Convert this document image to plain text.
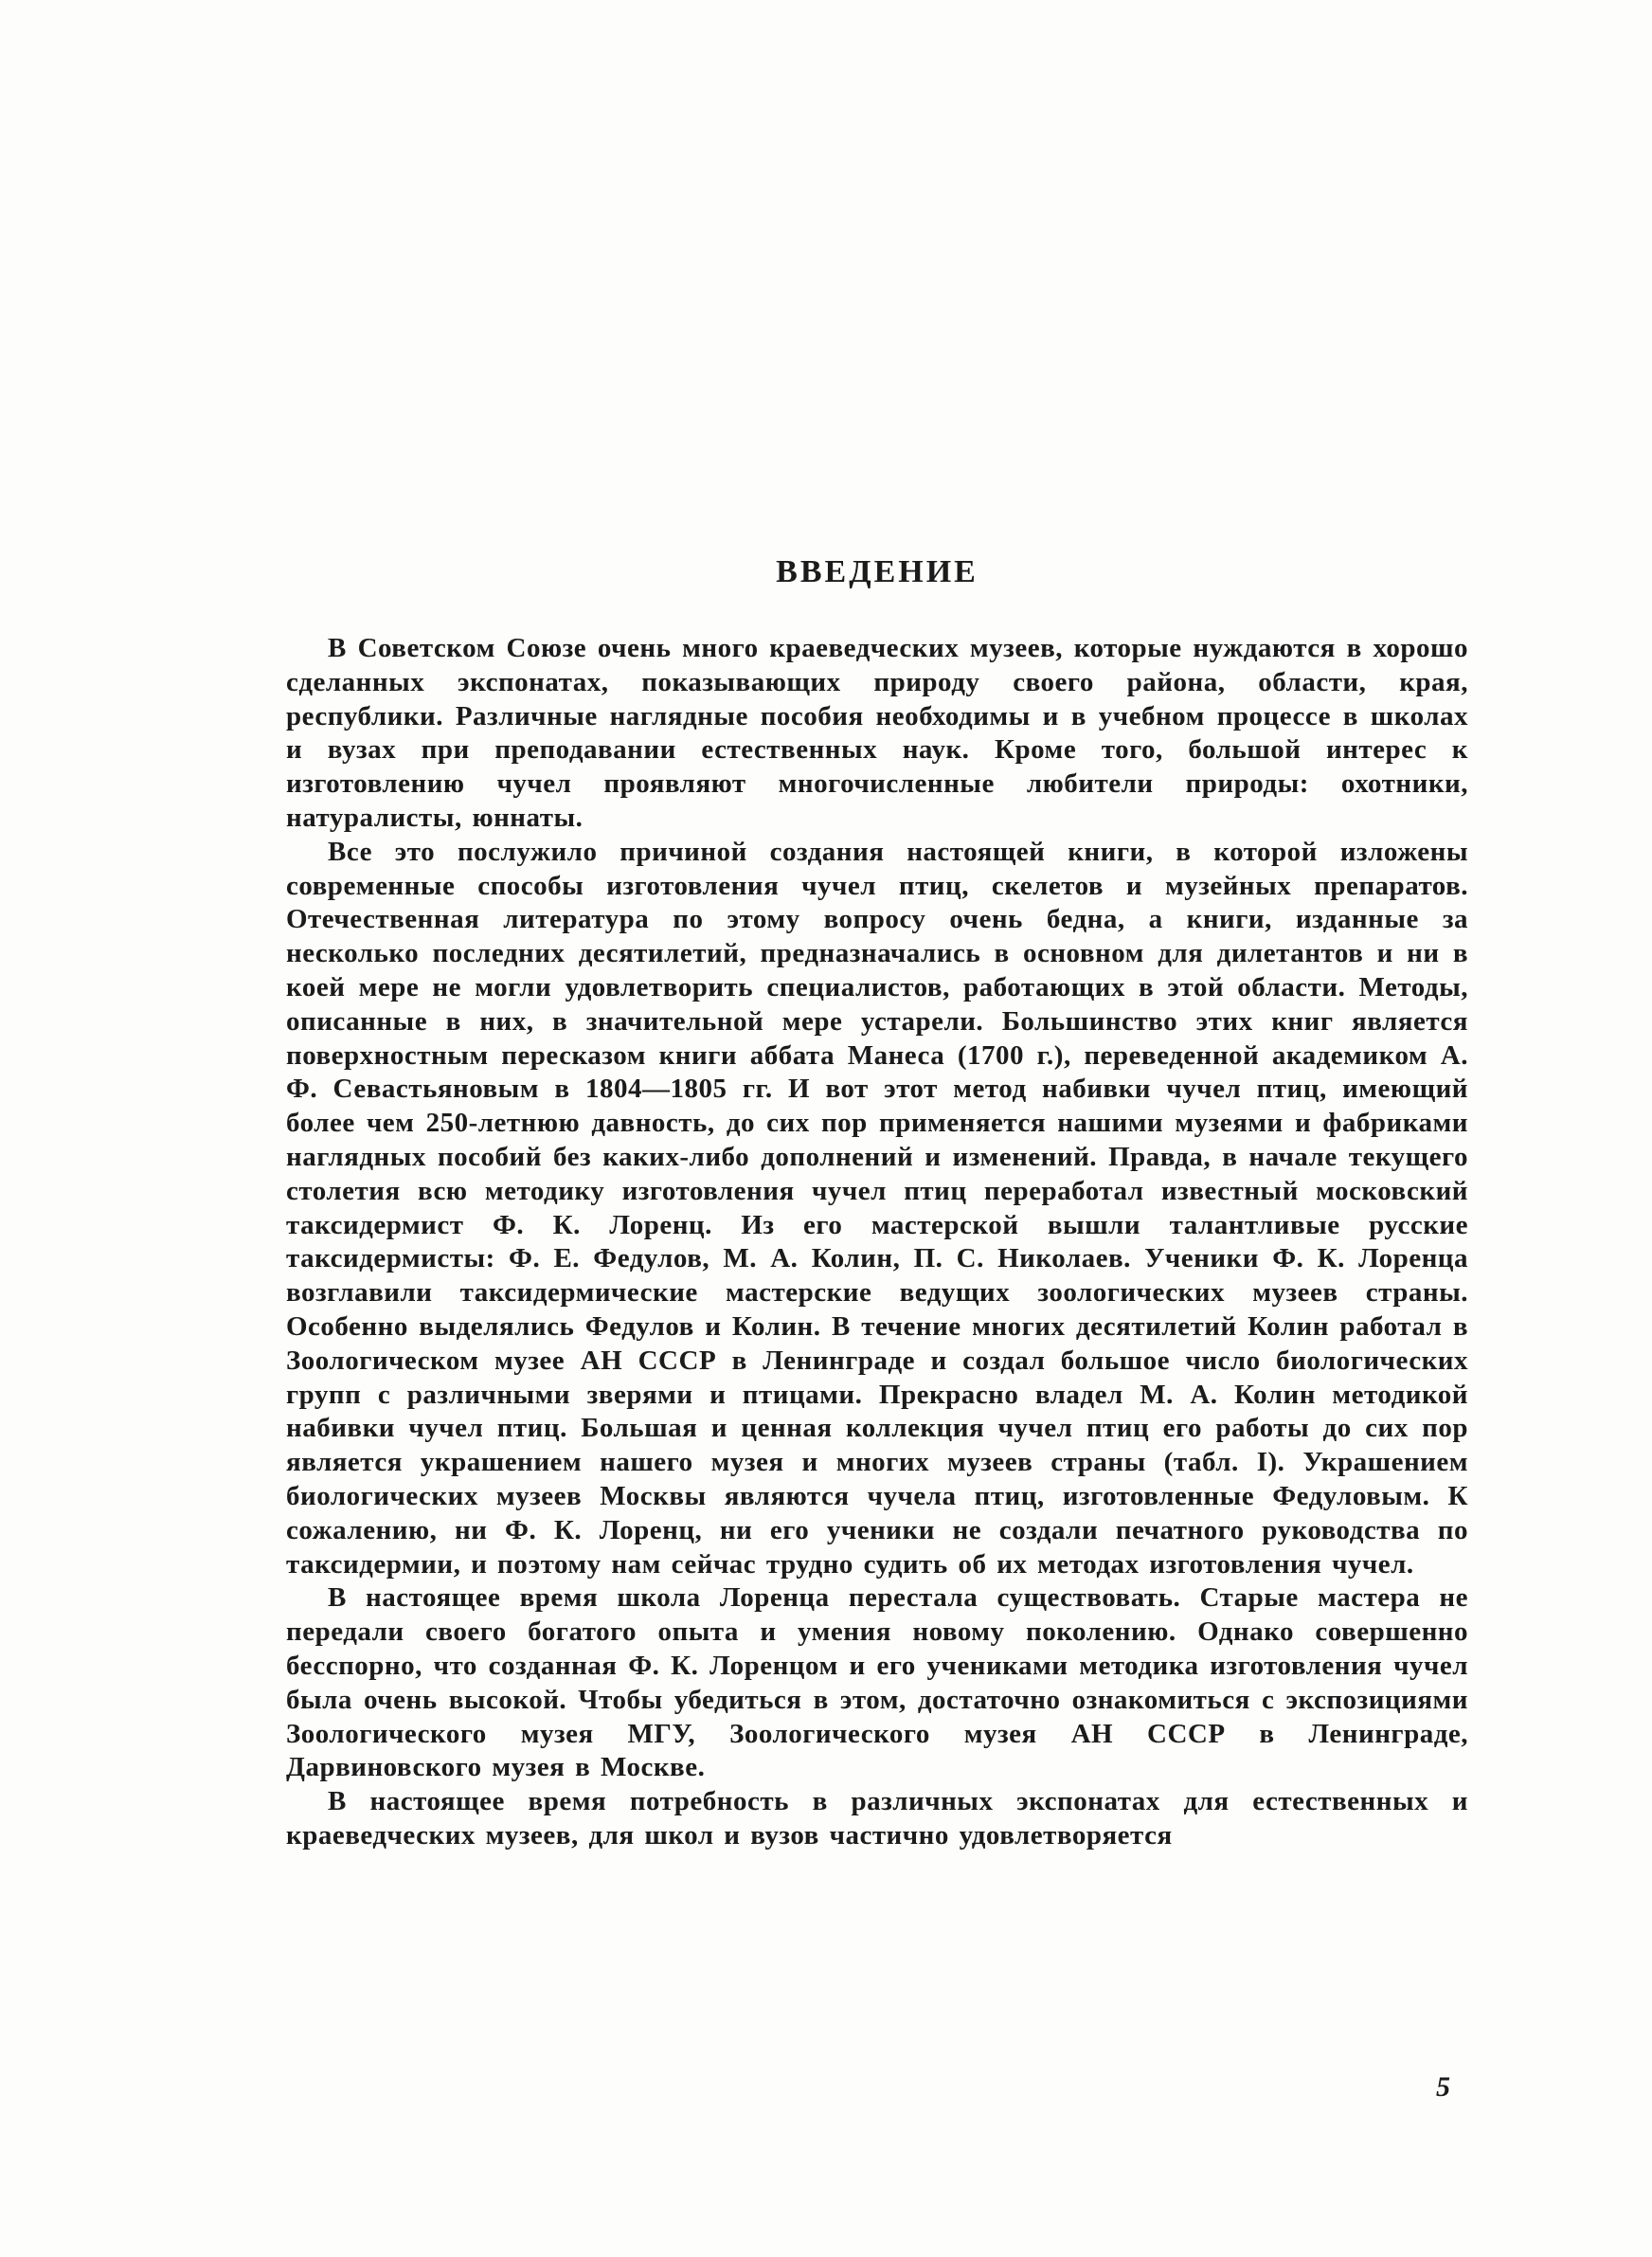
ВВЕДЕНИЕ

В Советском Союзе очень много краеведческих музеев, которые нуждаются в хорошо сделанных экспонатах, показывающих природу своего района, области, края, республики. Различные наглядные пособия необходимы и в учебном процессе в школах и вузах при преподавании естественных наук. Кроме того, большой интерес к изготовлению чучел проявляют многочисленные любители природы: охотники, натуралисты, юннаты.

Все это послужило причиной создания настоящей книги, в которой изложены современные способы изготовления чучел птиц, скелетов и музейных препаратов. Отечественная литература по этому вопросу очень бедна, а книги, изданные за несколько последних десятилетий, предназначались в основном для дилетантов и ни в коей мере не могли удовлетворить специалистов, работающих в этой области. Методы, описанные в них, в значительной мере устарели. Большинство этих книг является поверхностным пересказом книги аббата Манеса (1700 г.), переведенной академиком А. Ф. Севастьяновым в 1804—1805 гг. И вот этот метод набивки чучел птиц, имеющий более чем 250-летнюю давность, до сих пор применяется нашими музеями и фабриками наглядных пособий без каких-либо дополнений и изменений. Правда, в начале текущего столетия всю методику изготовления чучел птиц переработал известный московский таксидермист Ф. К. Лоренц. Из его мастерской вышли талантливые русские таксидермисты: Ф. Е. Федулов, М. А. Колин, П. С. Николаев. Ученики Ф. К. Лоренца возглавили таксидермические мастерские ведущих зоологических музеев страны. Особенно выделялись Федулов и Колин. В течение многих десятилетий Колин работал в Зоологическом музее АН СССР в Ленинграде и создал большое число биологических групп с различными зверями и птицами. Прекрасно владел М. А. Колин методикой набивки чучел птиц. Большая и ценная коллекция чучел птиц его работы до сих пор является украшением нашего музея и многих музеев страны (табл. I). Украшением биологических музеев Москвы являются чучела птиц, изготовленные Федуловым. К сожалению, ни Ф. К. Лоренц, ни его ученики не создали печатного руководства по таксидермии, и поэтому нам сейчас трудно судить об их методах изготовления чучел.

В настоящее время школа Лоренца перестала существовать. Старые мастера не передали своего богатого опыта и умения новому поколению. Однако совершенно бесспорно, что созданная Ф. К. Лоренцом и его учениками методика изготовления чучел была очень высокой. Чтобы убедиться в этом, достаточно ознакомиться с экспозициями Зоологического музея МГУ, Зоологического музея АН СССР в Ленинграде, Дарвиновского музея в Москве.

В настоящее время потребность в различных экспонатах для естественных и краеведческих музеев, для школ и вузов частично удовлетворяется

5
